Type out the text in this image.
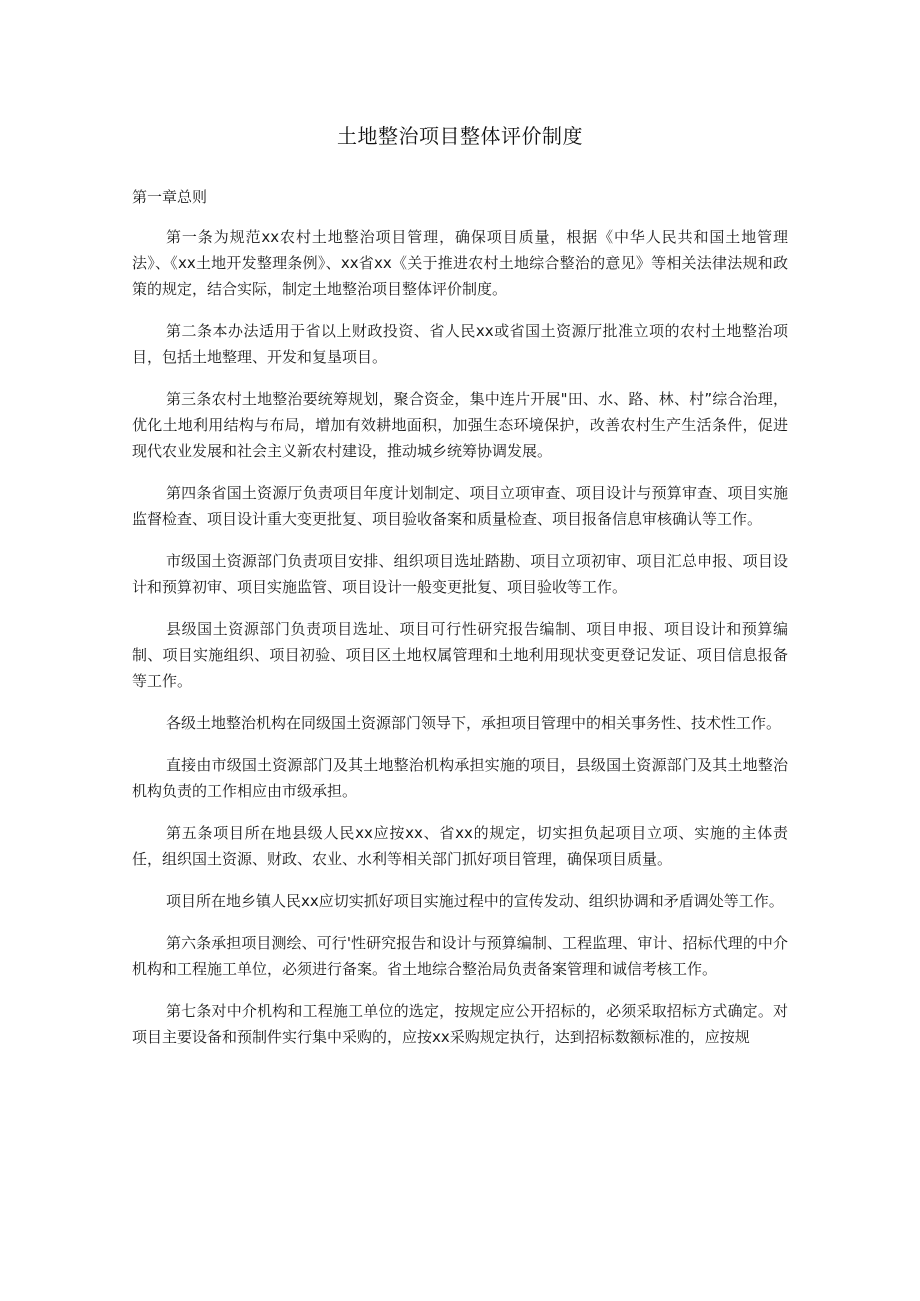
土地整治项目整体评价制度
第一章总则

第一条为规范xx农村土地整治项目管理，确保项目质量，根据《中华人民共和国土地管理法》、《xx土地开发整理条例》、xx省xx《关于推进农村土地综合整治的意见》等相关法律法规和政策的规定，结合实际，制定土地整治项目整体评价制度。

第二条本办法适用于省以上财政投资、省人民xx或省国土资源厅批准立项的农村土地整治项目，包括土地整理、开发和复垦项目。

第三条农村土地整治要统筹规划，聚合资金，集中连片开展"田、水、路、林、村”综合治理，优化土地利用结构与布局，增加有效耕地面积，加强生态环境保护，改善农村生产生活条件，促进现代农业发展和社会主义新农村建设，推动城乡统筹协调发展。

第四条省国土资源厅负责项目年度计划制定、项目立项审查、项目设计与预算审查、项目实施监督检查、项目设计重大变更批复、项目验收备案和质量检查、项目报备信息审核确认等工作。

市级国土资源部门负责项目安排、组织项目选址踏勘、项目立项初审、项目汇总申报、项目设计和预算初审、项目实施监管、项目设计一般变更批复、项目验收等工作。

县级国土资源部门负责项目选址、项目可行性研究报告编制、项目申报、项目设计和预算编制、项目实施组织、项目初验、项目区土地权属管理和土地利用现状变更登记发证、项目信息报备等工作。

各级土地整治机构在同级国土资源部门领导下，承担项目管理中的相关事务性、技术性工作。

直接由市级国土资源部门及其土地整治机构承担实施的项目，县级国土资源部门及其土地整治机构负责的工作相应由市级承担。

第五条项目所在地县级人民xx应按xx、省xx的规定，切实担负起项目立项、实施的主体责任，组织国土资源、财政、农业、水利等相关部门抓好项目管理，确保项目质量。

项目所在地乡镇人民xx应切实抓好项目实施过程中的宣传发动、组织协调和矛盾调处等工作。

第六条承担项目测绘、可行'性研究报告和设计与预算编制、工程监理、审计、招标代理的中介机构和工程施工单位，必须进行备案。省土地综合整治局负责备案管理和诚信考核工作。

第七条对中介机构和工程施工单位的选定，按规定应公开招标的，必须采取招标方式确定。对项目主要设备和预制件实行集中采购的，应按xx采购规定执行，达到招标数额标准的，应按规
